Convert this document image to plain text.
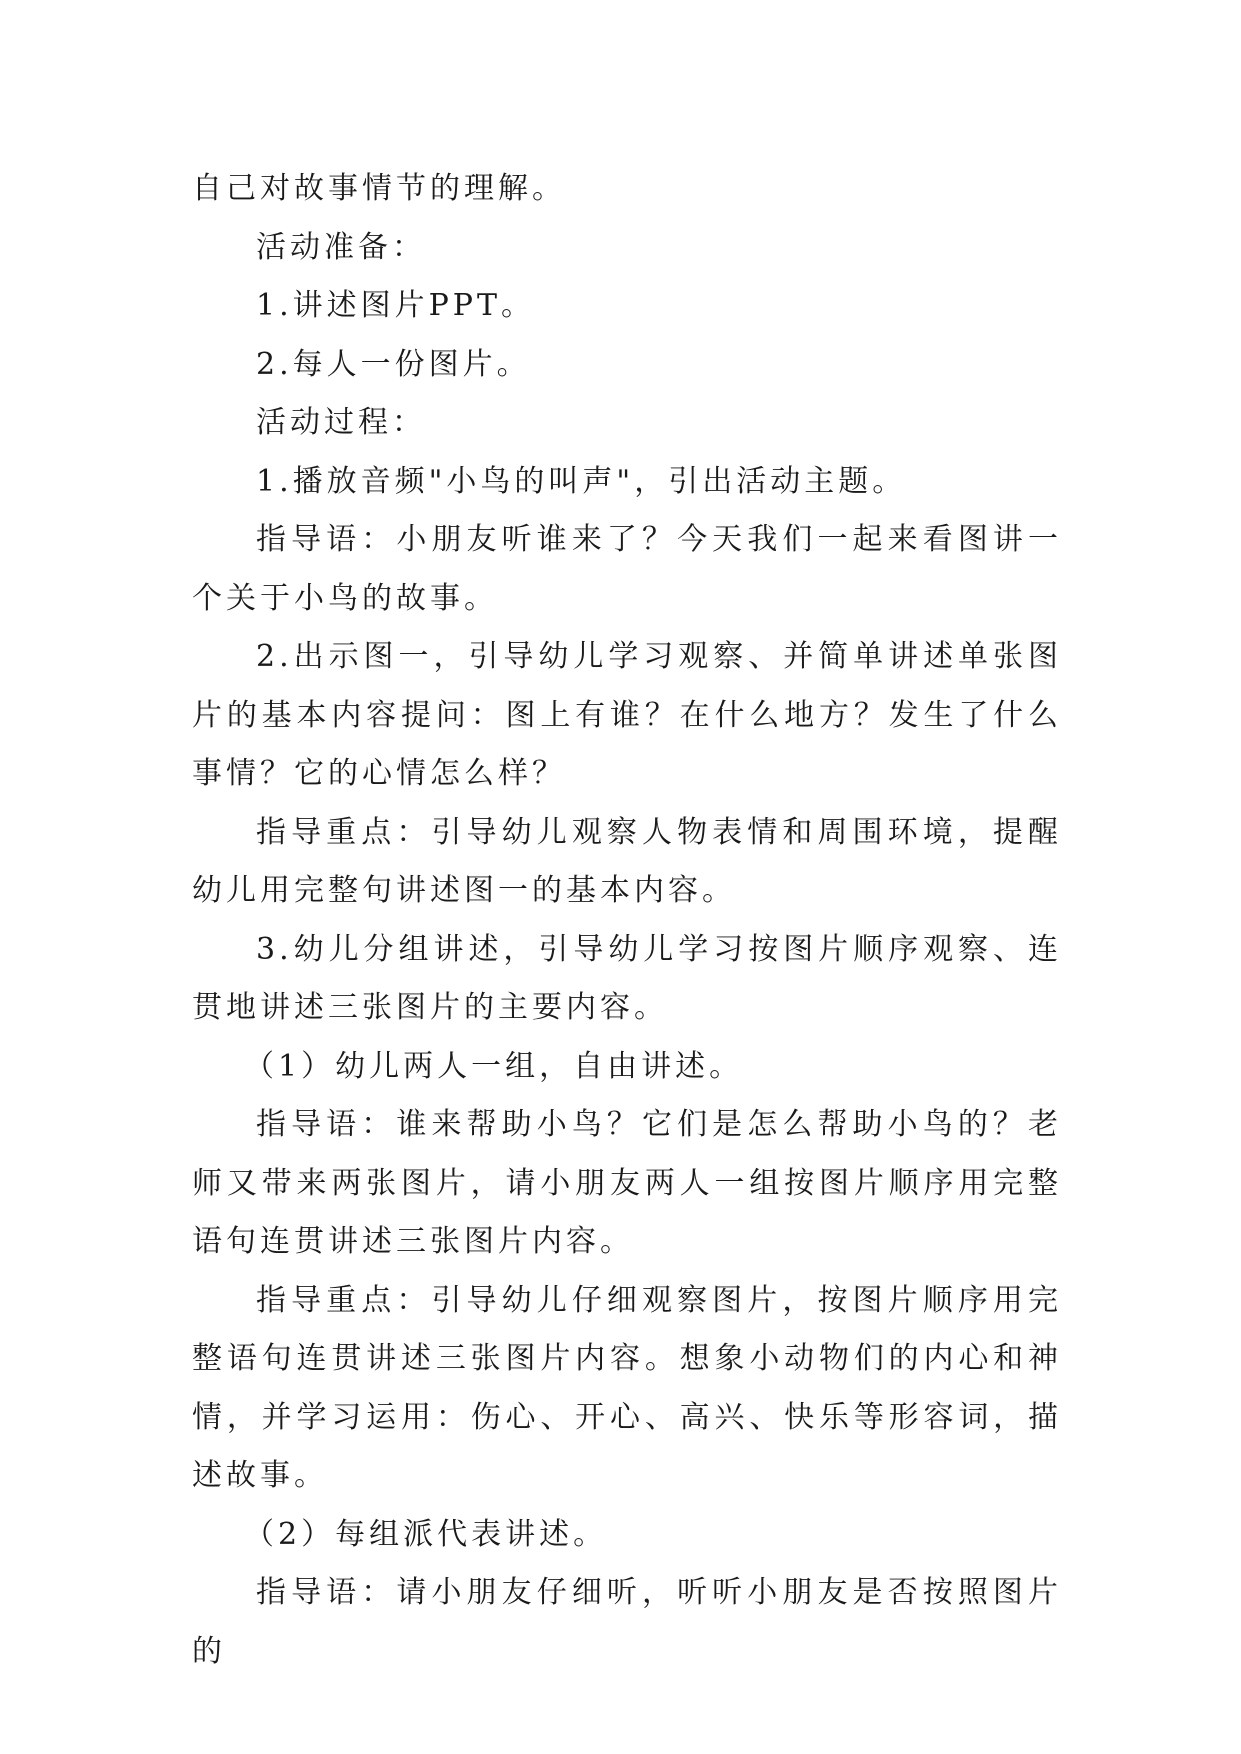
自己对故事情节的理解。

活动准备：

1.讲述图片PPT。

2.每人一份图片。

活动过程：

1.播放音频"小鸟的叫声"，引出活动主题。

指导语：小朋友听谁来了？今天我们一起来看图讲一个关于小鸟的故事。

2.出示图一，引导幼儿学习观察、并简单讲述单张图片的基本内容提问：图上有谁？在什么地方？发生了什么事情？它的心情怎么样？

指导重点：引导幼儿观察人物表情和周围环境，提醒幼儿用完整句讲述图一的基本内容。

3.幼儿分组讲述，引导幼儿学习按图片顺序观察、连贯地讲述三张图片的主要内容。

（1）幼儿两人一组，自由讲述。

指导语：谁来帮助小鸟？它们是怎么帮助小鸟的？老师又带来两张图片，请小朋友两人一组按图片顺序用完整语句连贯讲述三张图片内容。

指导重点：引导幼儿仔细观察图片，按图片顺序用完整语句连贯讲述三张图片内容。想象小动物们的内心和神情，并学习运用：伤心、开心、高兴、快乐等形容词，描述故事。

（2）每组派代表讲述。

指导语：请小朋友仔细听，听听小朋友是否按照图片的
